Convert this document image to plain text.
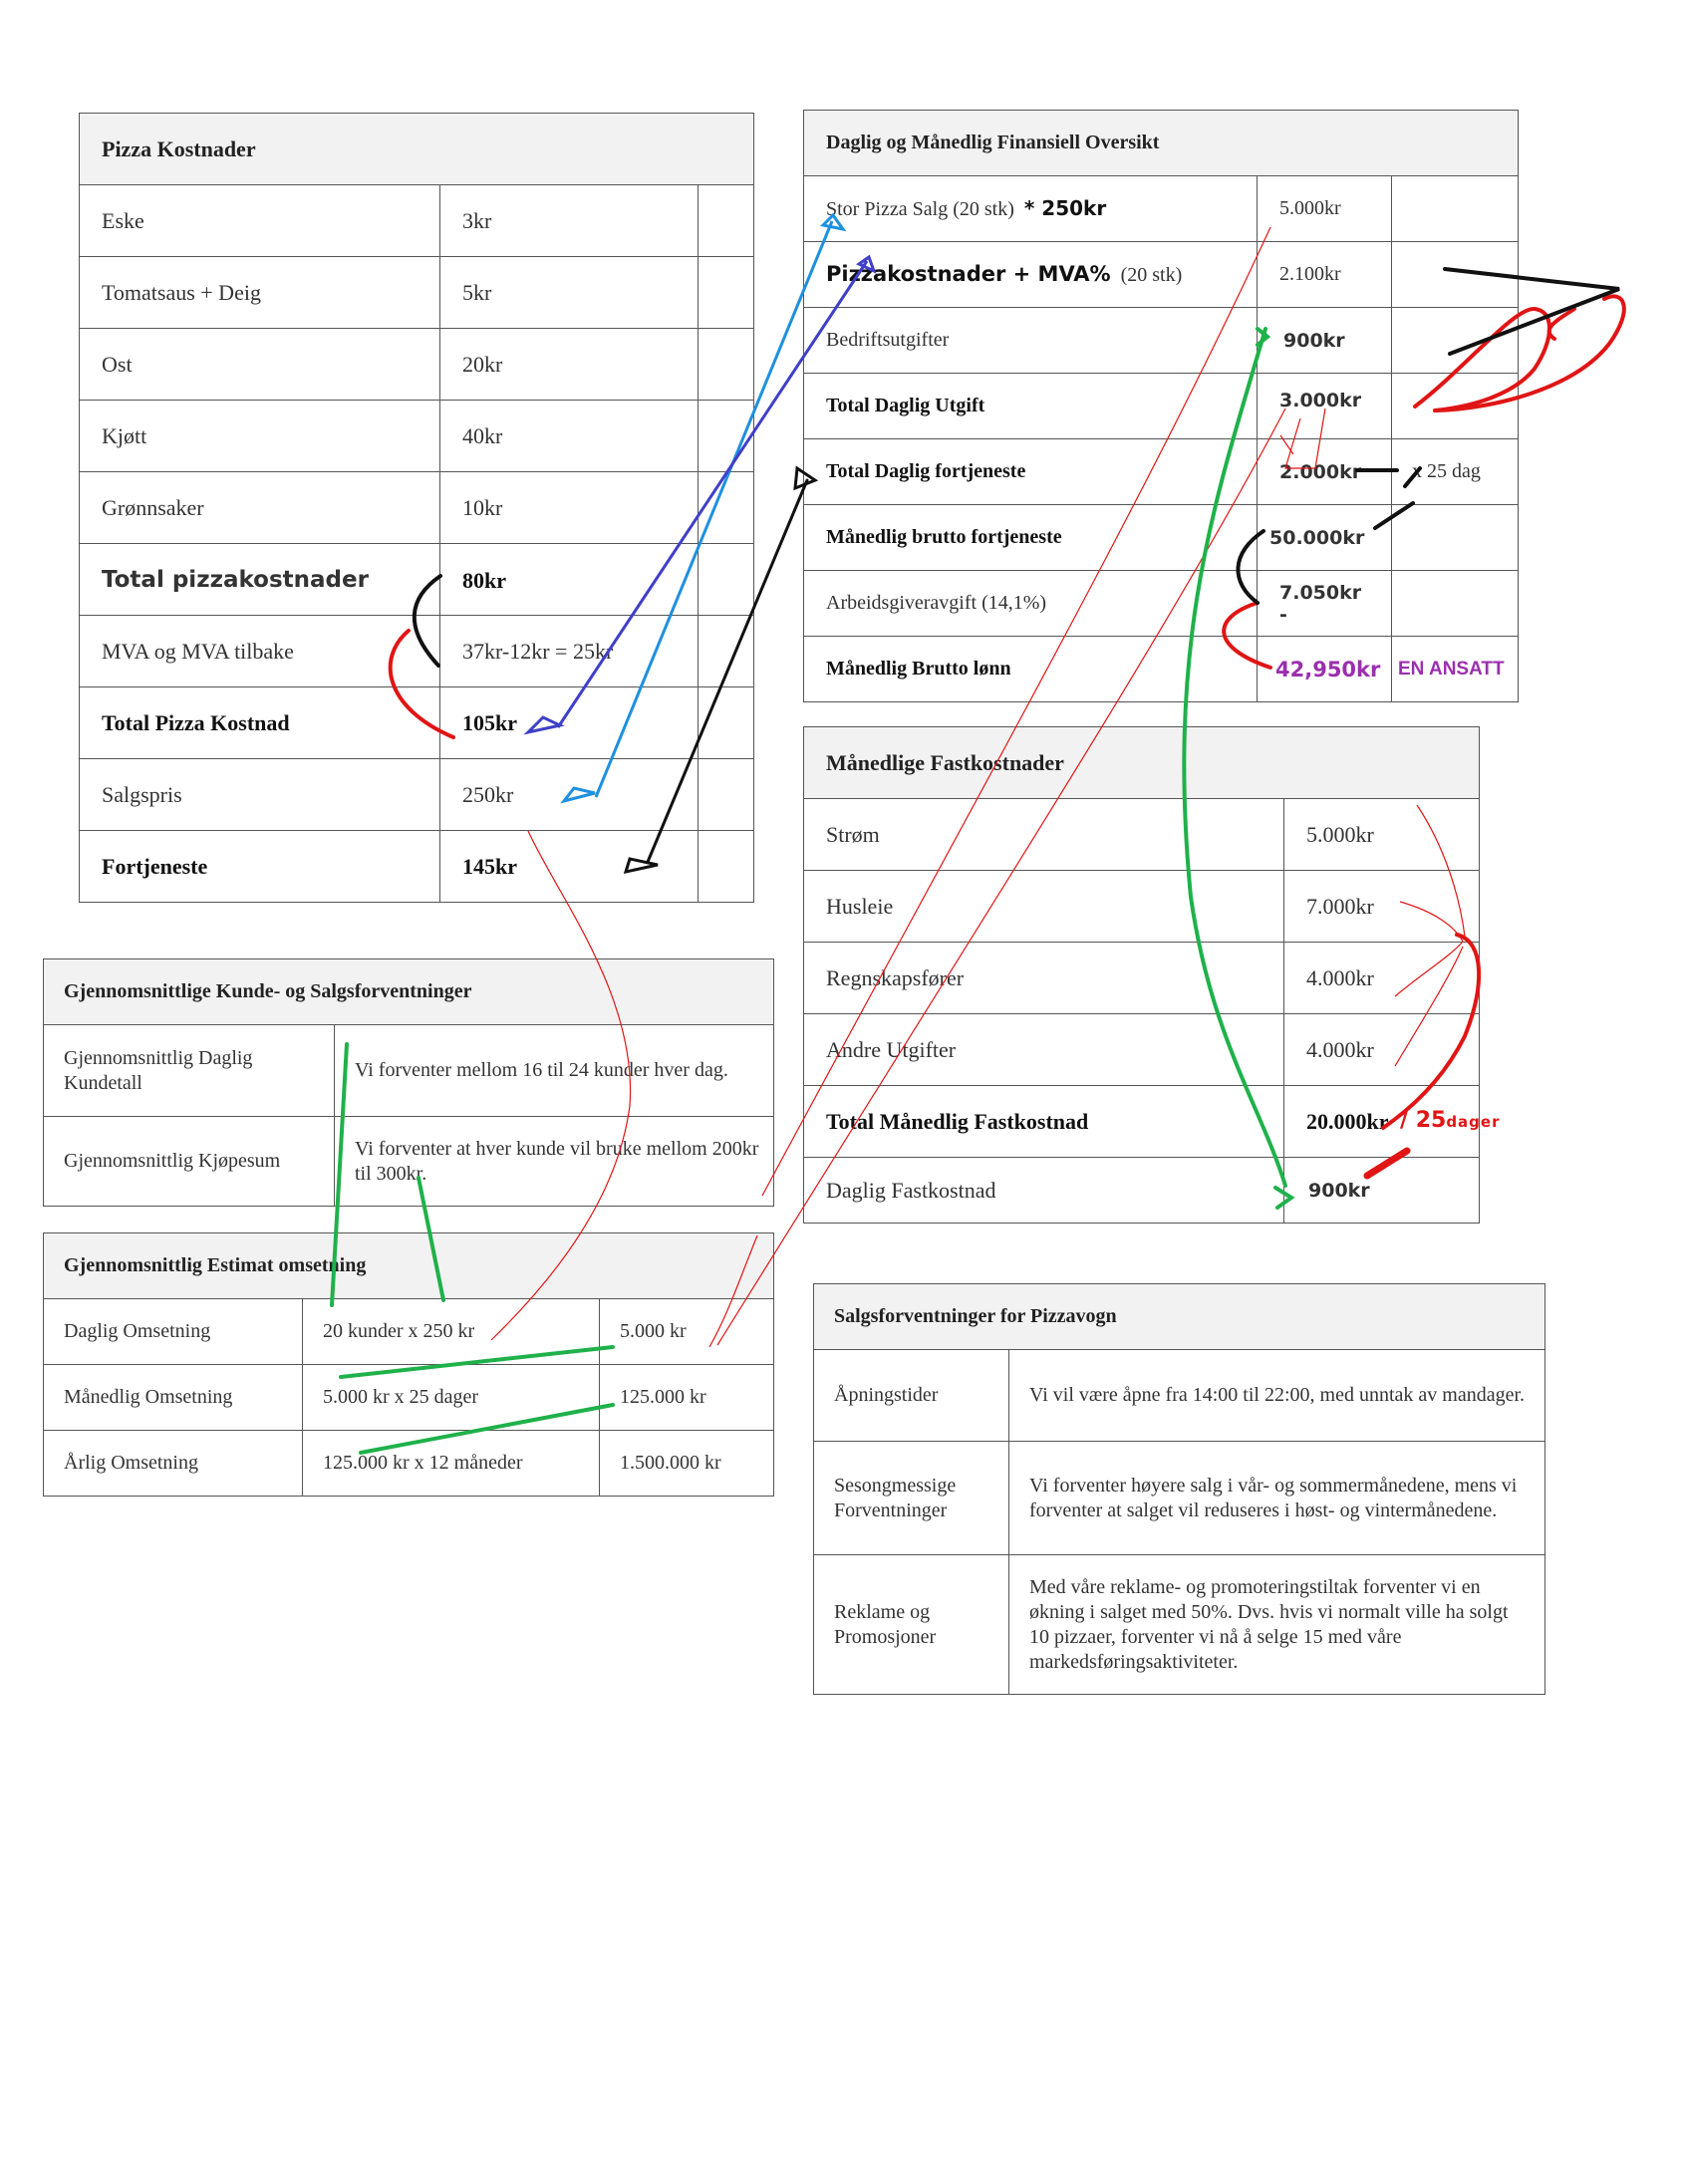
Pizza Kostnader		
Eske	3kr	
Tomatsaus + Deig	5kr	
Ost	20kr	
Kjøtt	40kr	
Grønnsaker	10kr	
Total pizzakostnader	80kr	
MVA og MVA tilbake	37kr-12kr = 25kr	
Total Pizza Kostnad	105kr	
Salgspris	250kr	
Fortjeneste	145kr	
Daglig og Månedlig Finansiell Oversikt		
Stor Pizza Salg (20 stk) * 250kr	5.000kr	
Pizzakostnader + MVA% (20 stk)	2.100kr	
Bedriftsutgifter	900kr	
Total Daglig Utgift	3.000kr	
Total Daglig fortjeneste	2.000kr	x 25 dag
Månedlig brutto fortjeneste	50.000kr	
Arbeidsgiveravgift (14,1%)	7.050kr -	
Månedlig Brutto lønn	42,950kr	EN ANSATT
Månedlige Fastkostnader	
Strøm	5.000kr
Husleie	7.000kr
Regnskapsfører	4.000kr
Andre Utgifter	4.000kr
Total Månedlig Fastkostnad	20.000kr
Daglig Fastkostnad	900kr
Gjennomsnittlige Kunde- og Salgsforventninger	
Gjennomsnittlig Daglig Kundetall	Vi forventer mellom 16 til 24 kunder hver dag.
Gjennomsnittlig Kjøpesum	Vi forventer at hver kunde vil bruke mellom 200kr til 300kr.
Gjennomsnittlig Estimat omsetning		
Daglig Omsetning	20 kunder x 250 kr	5.000 kr
Månedlig Omsetning	5.000 kr x 25 dager	125.000 kr
Årlig Omsetning	125.000 kr x 12 måneder	1.500.000 kr
Salgsforventninger for Pizzavogn	
Åpningstider	Vi vil være åpne fra 14:00 til 22:00, med unntak av mandager.
Sesongmessige Forventninger	Vi forventer høyere salg i vår- og sommermånedene, mens vi forventer at salget vil reduseres i høst- og vintermånedene.
Reklame og Promosjoner	Med våre reklame- og promoteringstiltak forventer vi en økning i salget med 50%. Dvs. hvis vi normalt ville ha solgt 10 pizzaer, forventer vi nå å selge 15 med våre markedsføringsaktiviteter.
/ 25dager
